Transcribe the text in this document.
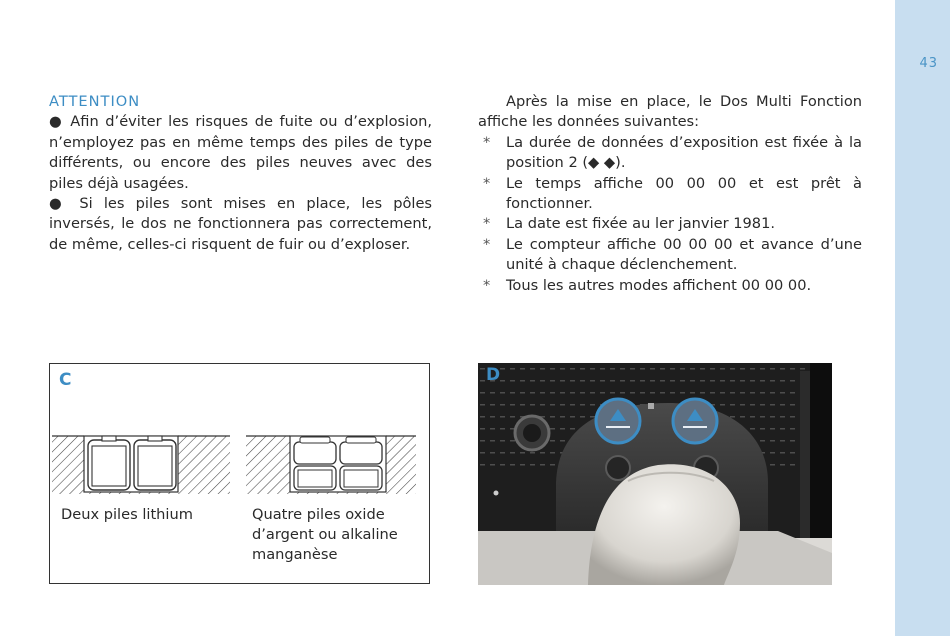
43

ATTENTION

● Afin d’éviter les risques de fuite ou d’explosion, n’employez pas en même temps des piles de type différents, ou encore des piles neuves avec des piles déjà usagées.

● Si les piles sont mises en place, les pôles inversés, le dos ne fonctionnera pas correctement, de même, celles-ci risquent de fuir ou d’exploser.

Après la mise en place, le Dos Multi Fonction affiche les données suivantes:

* La durée de données d’exposition est fixée à la position 2 (◆ ◆).
* Le temps affiche 00 00 00 et est prêt à fonctionner.
* La date est fixée au ler janvier 1981.
* Le compteur affiche 00 00 00 et avance d’une unité à chaque déclenchement.
* Tous les autres modes affichent 00 00 00.
C
Deux piles lithium	Quatre piles oxide d’argent ou alkaline manganèse
D
